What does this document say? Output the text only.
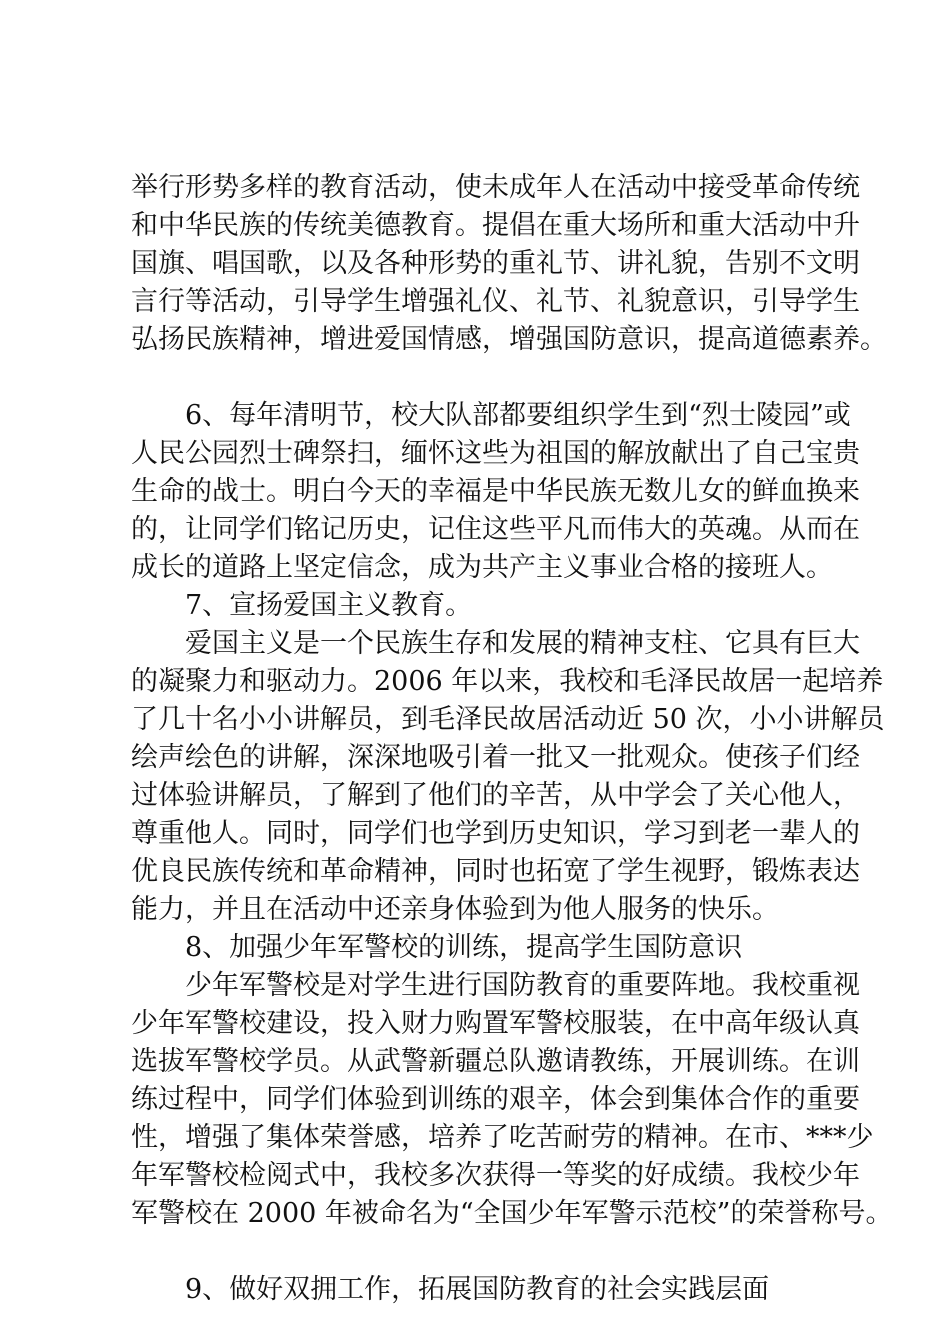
举行形势多样的教育活动，使未成年人在活动中接受革命传统
和中华民族的传统美德教育。提倡在重大场所和重大活动中升
国旗、唱国歌，以及各种形势的重礼节、讲礼貌，告别不文明
言行等活动，引导学生增强礼仪、礼节、礼貌意识，引导学生
弘扬民族精神，增进爱国情感，增强国防意识，提高道德素养。
6、每年清明节，校大队部都要组织学生到“烈士陵园”或
人民公园烈士碑祭扫，缅怀这些为祖国的解放献出了自己宝贵
生命的战士。明白今天的幸福是中华民族无数儿女的鲜血换来
的，让同学们铭记历史，记住这些平凡而伟大的英魂。从而在
成长的道路上坚定信念，成为共产主义事业合格的接班人。
7、宣扬爱国主义教育。
爱国主义是一个民族生存和发展的精神支柱、它具有巨大
的凝聚力和驱动力。2006 年以来，我校和毛泽民故居一起培养
了几十名小小讲解员，到毛泽民故居活动近 50 次，小小讲解员
绘声绘色的讲解，深深地吸引着一批又一批观众。使孩子们经
过体验讲解员，了解到了他们的辛苦，从中学会了关心他人，
尊重他人。同时，同学们也学到历史知识，学习到老一辈人的
优良民族传统和革命精神，同时也拓宽了学生视野，锻炼表达
能力，并且在活动中还亲身体验到为他人服务的快乐。
8、加强少年军警校的训练，提高学生国防意识
少年军警校是对学生进行国防教育的重要阵地。我校重视
少年军警校建设，投入财力购置军警校服装，在中高年级认真
选拔军警校学员。从武警新疆总队邀请教练，开展训练。在训
练过程中，同学们体验到训练的艰辛，体会到集体合作的重要
性，增强了集体荣誉感，培养了吃苦耐劳的精神。在市、***少
年军警校检阅式中，我校多次获得一等奖的好成绩。我校少年
军警校在 2000 年被命名为“全国少年军警示范校”的荣誉称号。
9、做好双拥工作，拓展国防教育的社会实践层面
